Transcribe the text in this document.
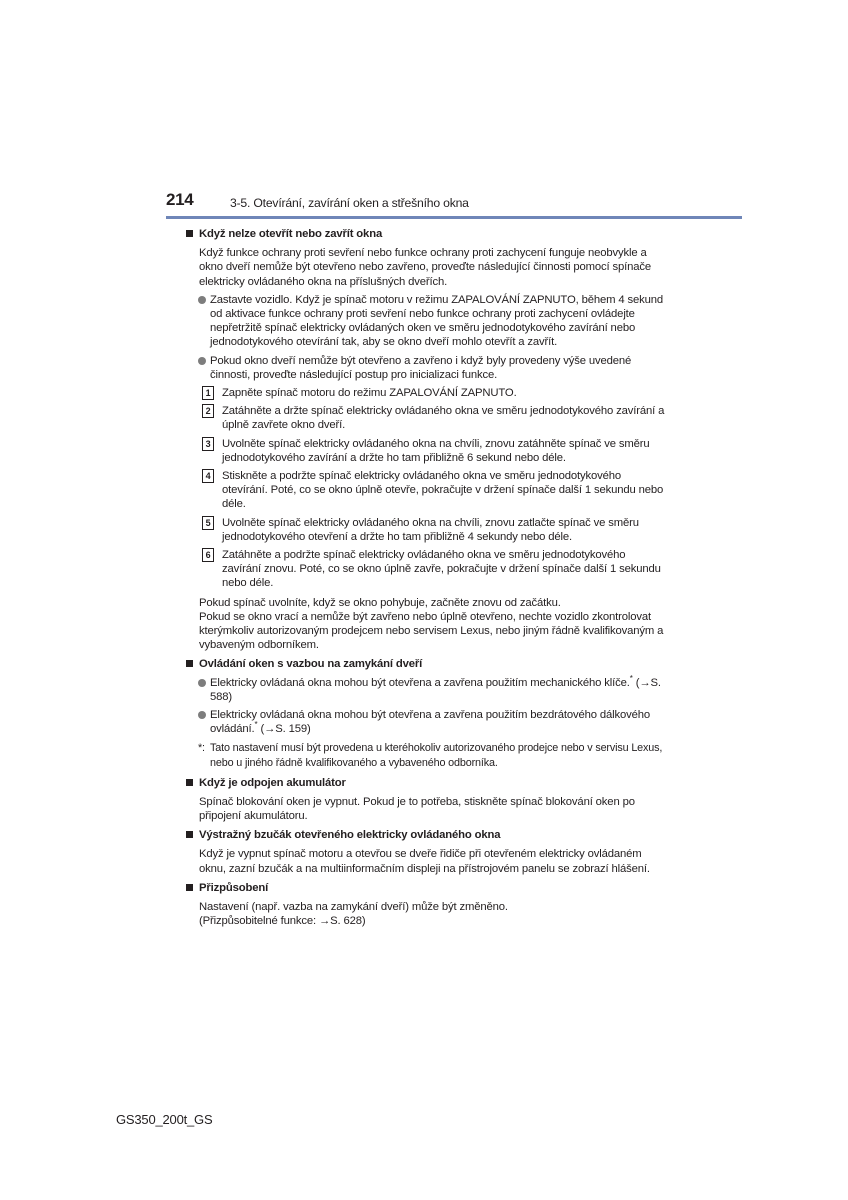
214	3-5. Otevírání, zavírání oken a střešního okna
Když nelze otevřít nebo zavřít okna
Když funkce ochrany proti sevření nebo funkce ochrany proti zachycení funguje neobvykle a okno dveří nemůže být otevřeno nebo zavřeno, proveďte následující činnosti pomocí spínače elektricky ovládaného okna na příslušných dveřích.
Zastavte vozidlo. Když je spínač motoru v režimu ZAPALOVÁNÍ ZAPNUTO, během 4 sekund od aktivace funkce ochrany proti sevření nebo funkce ochrany proti zachycení ovládejte nepřetržitě spínač elektricky ovládaných oken ve směru jednodotykového zavírání nebo jednodotykového otevírání tak, aby se okno dveří mohlo otevřít a zavřít.
Pokud okno dveří nemůže být otevřeno a zavřeno i když byly provedeny výše uvedené činnosti, proveďte následující postup pro inicializaci funkce.
1	Zapněte spínač motoru do režimu ZAPALOVÁNÍ ZAPNUTO.
2	Zatáhněte a držte spínač elektricky ovládaného okna ve směru jednodotykového zavírání a úplně zavřete okno dveří.
3	Uvolněte spínač elektricky ovládaného okna na chvíli, znovu zatáhněte spínač ve směru jednodotykového zavírání a držte ho tam přibližně 6 sekund nebo déle.
4	Stiskněte a podržte spínač elektricky ovládaného okna ve směru jednodotykového otevírání. Poté, co se okno úplně otevře, pokračujte v držení spínače další 1 sekundu nebo déle.
5	Uvolněte spínač elektricky ovládaného okna na chvíli, znovu zatlačte spínač ve směru jednodotykového otevření a držte ho tam přibližně 4 sekundy nebo déle.
6	Zatáhněte a podržte spínač elektricky ovládaného okna ve směru jednodotykového zavírání znovu. Poté, co se okno úplně zavře, pokračujte v držení spínače další 1 sekundu nebo déle.
Pokud spínač uvolníte, když se okno pohybuje, začněte znovu od začátku.
Pokud se okno vrací a nemůže být zavřeno nebo úplně otevřeno, nechte vozidlo zkontrolovat kterýmkoliv autorizovaným prodejcem nebo servisem Lexus, nebo jiným řádně kvalifikovaným a vybaveným odborníkem.
Ovládání oken s vazbou na zamykání dveří
Elektricky ovládaná okna mohou být otevřena a zavřena použitím mechanického klíče.* (→S. 588)
Elektricky ovládaná okna mohou být otevřena a zavřena použitím bezdrátového dálkového ovládání.* (→S. 159)
*: Tato nastavení musí být provedena u kteréhokoliv autorizovaného prodejce nebo v servisu Lexus, nebo u jiného řádně kvalifikovaného a vybaveného odborníka.
Když je odpojen akumulátor
Spínač blokování oken je vypnut. Pokud je to potřeba, stiskněte spínač blokování oken po připojení akumulátoru.
Výstražný bzučák otevřeného elektricky ovládaného okna
Když je vypnut spínač motoru a otevřou se dveře řidiče při otevřeném elektricky ovládaném oknu, zazní bzučák a na multiinformačním displeji na přístrojovém panelu se zobrazí hlášení.
Přizpůsobení
Nastavení (např. vazba na zamykání dveří) může být změněno.
(Přizpůsobitelné funkce: →S. 628)
GS350_200t_GS
